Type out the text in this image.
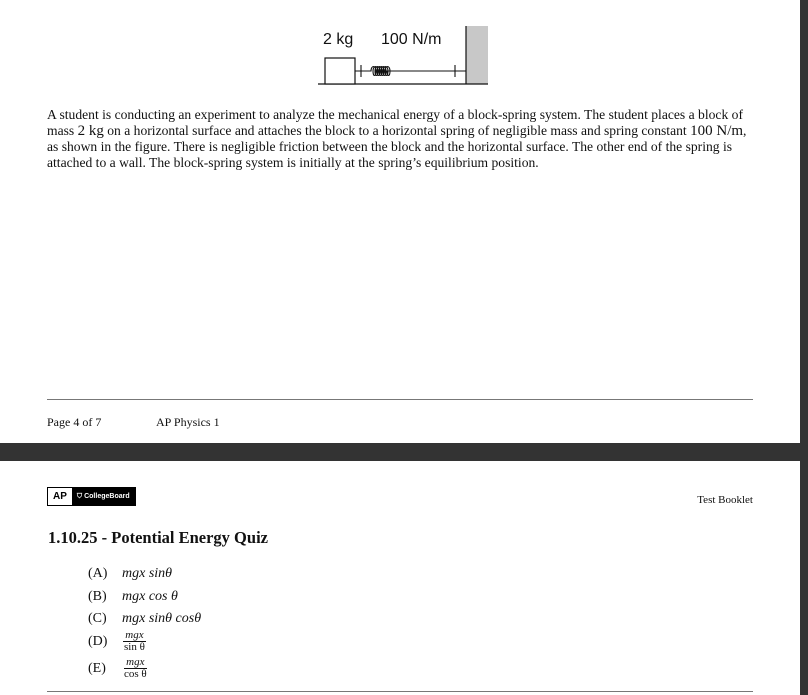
2 kg 100 N/m

A student is conducting an experiment to analyze the mechanical energy of a block-spring system. The student places a block of mass 2 kg on a horizontal surface and attaches the block to a horizontal spring of negligible mass and spring constant 100 N/m, as shown in the figure. There is negligible friction between the block and the horizontal surface. The other end of the spring is attached to a wall. The block-spring system is initially at the spring’s equilibrium position.

Page 4 of 7	AP Physics 1
AP	⛉ CollegeBoard	Test Booklet
1.10.25 - Potential Energy Quiz
(A)	mgx sinθ
(B)	mgx cos θ
(C)	mgx sinθ cosθ
(D)	$\frac{\text{mgx}}{\text{sin θ}}$
(E)	$\frac{\text{mgx}}{\text{cos θ}}$
